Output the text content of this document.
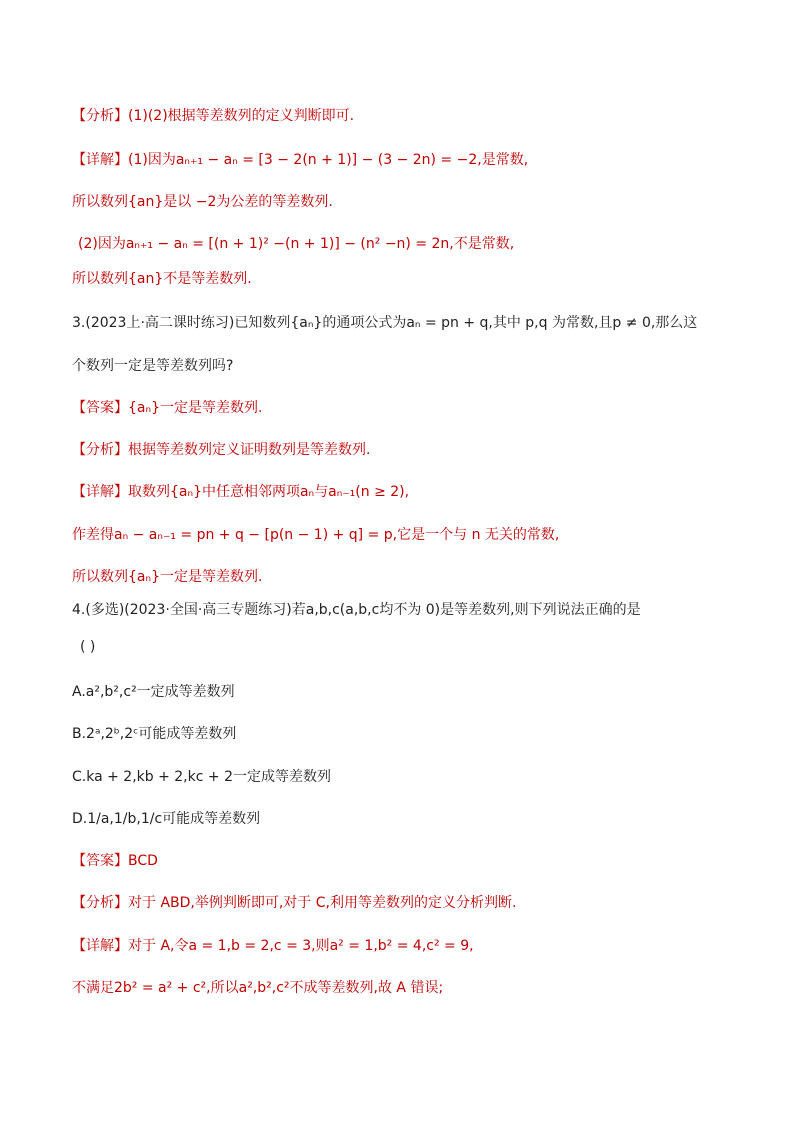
【分析】(1)(2)根据等差数列的定义判断即可.
【详解】(1)因为aₙ₊₁ − aₙ = [3 − 2(n + 1)] − (3 − 2n) = −2,是常数,
所以数列{an}是以 −2为公差的等差数列.
(2)因为aₙ₊₁ − aₙ = [(n + 1)² −(n + 1)] − (n² −n) = 2n,不是常数,
所以数列{an}不是等差数列.
3.(2023上·高二课时练习)已知数列{aₙ}的通项公式为aₙ = pn + q,其中 p,q 为常数,且p ≠ 0,那么这
个数列一定是等差数列吗?
【答案】{aₙ}一定是等差数列.
【分析】根据等差数列定义证明数列是等差数列.
【详解】取数列{aₙ}中任意相邻两项aₙ与aₙ₋₁(n ≥ 2),
作差得aₙ − aₙ₋₁ = pn + q − [p(n − 1) + q] = p,它是一个与 n 无关的常数,
所以数列{aₙ}一定是等差数列.
4.(多选)(2023·全国·高三专题练习)若a,b,c(a,b,c均不为 0)是等差数列,则下列说法正确的是
( )
A.a²,b²,c²一定成等差数列
B.2ᵃ,2ᵇ,2ᶜ可能成等差数列
C.ka + 2,kb + 2,kc + 2一定成等差数列
D.1/a,1/b,1/c可能成等差数列
【答案】BCD
【分析】对于 ABD,举例判断即可,对于 C,利用等差数列的定义分析判断.
【详解】对于 A,令a = 1,b = 2,c = 3,则a² = 1,b² = 4,c² = 9,
不满足2b² = a² + c²,所以a²,b²,c²不成等差数列,故 A 错误;
